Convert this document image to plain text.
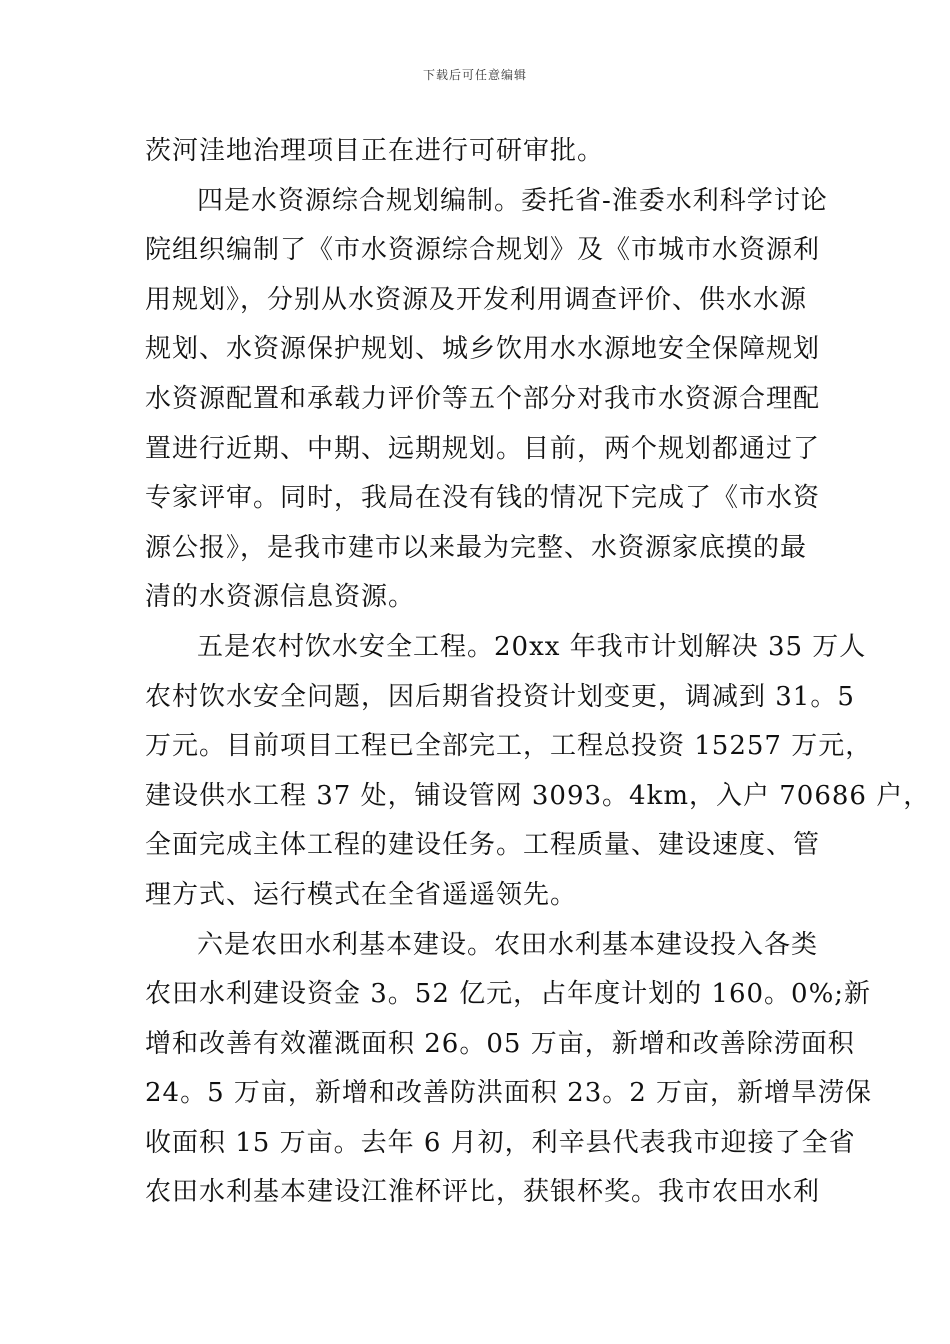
下载后可任意编辑
茨河洼地治理项目正在进行可研审批。
四是水资源综合规划编制。委托省-淮委水利科学讨论
院组织编制了《市水资源综合规划》及《市城市水资源利
用规划》，分别从水资源及开发利用调查评价、供水水源
规划、水资源保护规划、城乡饮用水水源地安全保障规划
水资源配置和承载力评价等五个部分对我市水资源合理配
置进行近期、中期、远期规划。目前，两个规划都通过了
专家评审。同时，我局在没有钱的情况下完成了《市水资
源公报》，是我市建市以来最为完整、水资源家底摸的最
清的水资源信息资源。
五是农村饮水安全工程。20xx 年我市计划解决 35 万人
农村饮水安全问题，因后期省投资计划变更，调减到 31。5
万元。目前项目工程已全部完工，工程总投资 15257 万元，
建设供水工程 37 处，铺设管网 3093。4km，入户 70686 户，
全面完成主体工程的建设任务。工程质量、建设速度、管
理方式、运行模式在全省遥遥领先。
六是农田水利基本建设。农田水利基本建设投入各类
农田水利建设资金 3。52 亿元，占年度计划的 160。0%;新
增和改善有效灌溉面积 26。05 万亩，新增和改善除涝面积
24。5 万亩，新增和改善防洪面积 23。2 万亩，新增旱涝保
收面积 15 万亩。去年 6 月初，利辛县代表我市迎接了全省
农田水利基本建设江淮杯评比，获银杯奖。我市农田水利
